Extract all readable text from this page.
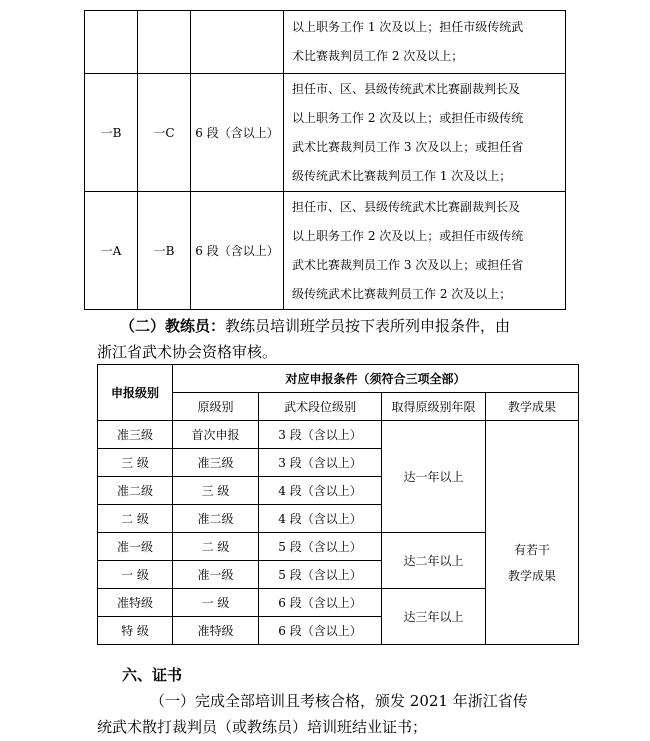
			以上职务工作 1 次及以上；担任市级传统武
术比赛裁判员工作 2 次及以上；

一B	一C	6 段（含以上）	担任市、区、县级传统武术比赛副裁判长及
以上职务工作 2 次及以上；或担任市级传统
武术比赛裁判员工作 3 次及以上；或担任省
级传统武术比赛裁判员工作 1 次及以上；

一A	一B	6 段（含以上）	担任市、区、县级传统武术比赛副裁判长及
以上职务工作 2 次及以上；或担任市级传统
武术比赛裁判员工作 3 次及以上；或担任省
级传统武术比赛裁判员工作 2 次及以上；

（二）教练员：教练员培训班学员按下表所列申报条件，由

浙江省武术协会资格审核。

申报级别	对应申报条件（须符合三项全部）			
	原级别	武术段位级别	取得原级别年限	教学成果
准三级	首次申报	3 段（含以上）	达一年以上	有若干
教学成果

三 级	准三级	3 段（含以上）		
准二级	三 级	4 段（含以上）		
二 级	准二级	4 段（含以上）		
准一级	二 级	5 段（含以上）	达二年以上	
一 级	准一级	5 段（含以上）		
准特级	一 级	6 段（含以上）	达三年以上	
特 级	准特级	6 段（含以上）		

六、证书

（一）完成全部培训且考核合格，颁发 2021 年浙江省传

统武术散打裁判员（或教练员）培训班结业证书；
